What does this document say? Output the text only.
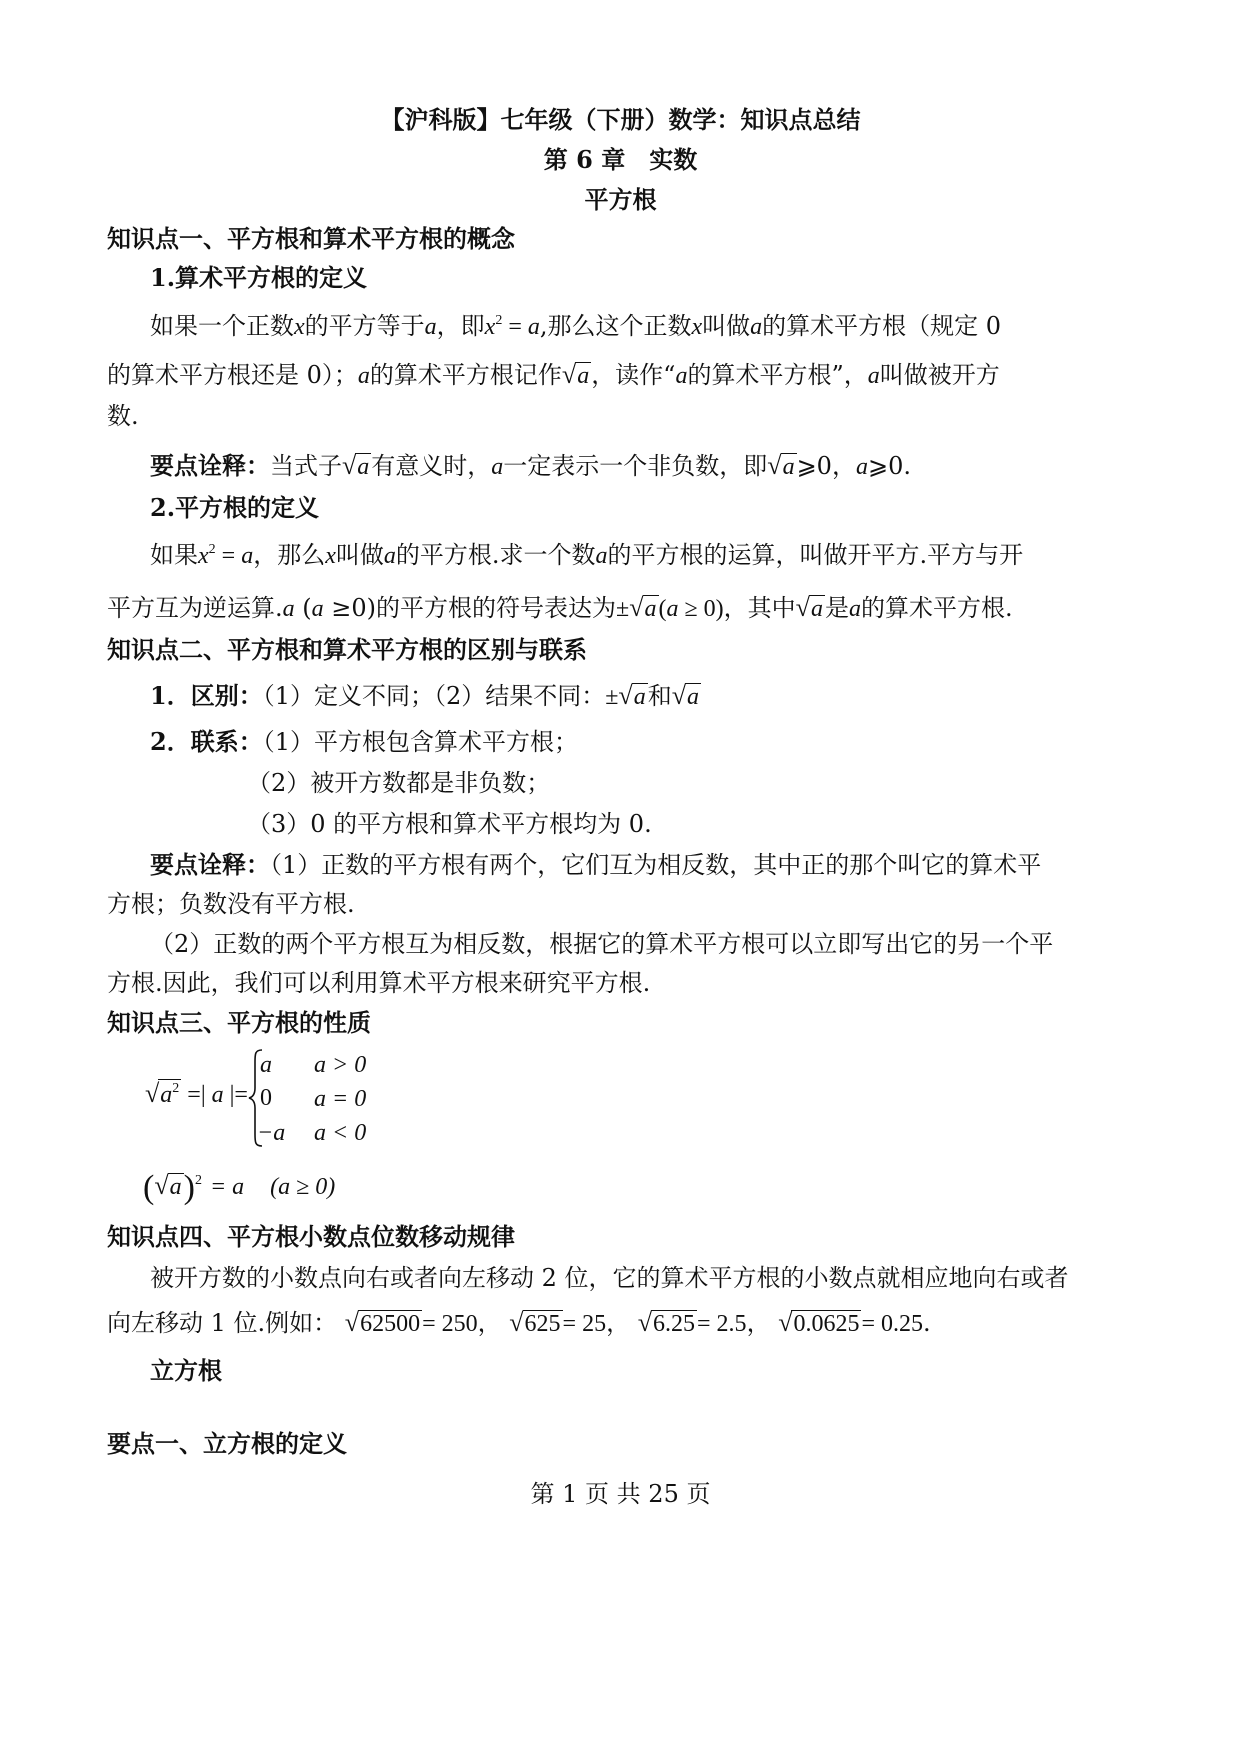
【沪科版】七年级（下册）数学：知识点总结
第 6 章　实数
平方根
知识点一、平方根和算术平方根的概念
1.算术平方根的定义
如果一个正数x的平方等于a，即$x^2 = a$,那么这个正数x叫做a的算术平方根（规定 0
的算术平方根还是 0）；a的算术平方根记作√a，读作“a的算术平方根”，a叫做被开方
数.
要点诠释：当式子√a有意义时，a一定表示一个非负数，即√a⩾0，a⩾0.
2.平方根的定义
如果$x^2 = a$，那么x叫做a的平方根.求一个数a的平方根的运算，叫做开平方.平方与开
平方互为逆运算.a (a ≥0)的平方根的符号表达为±√a(a ≥ 0)，其中√a是a的算术平方根.
知识点二、平方根和算术平方根的区别与联系
1．区别：（1）定义不同；（2）结果不同：±√a和√a
2．联系：（1）平方根包含算术平方根；
（2）被开方数都是非负数；
（3）0 的平方根和算术平方根均为 0.
要点诠释：（1）正数的平方根有两个，它们互为相反数，其中正的那个叫它的算术平
方根；负数没有平方根.
（2）正数的两个平方根互为相反数，根据它的算术平方根可以立即写出它的另一个平
方根.因此，我们可以利用算术平方根来研究平方根.
知识点三、平方根的性质
$√a^2$ =| a |=
a a > 0
0 a = 0
−a a < 0
$(√a)^2 = a$ (a ≥ 0)
知识点四、平方根小数点位数移动规律
被开方数的小数点向右或者向左移动 2 位，它的算术平方根的小数点就相应地向右或者
向左移动 1 位.例如： √62500= 250， √625= 25， √6.25= 2.5， √0.0625= 0.25.
立方根
要点一、立方根的定义
第 1 页 共 25 页
